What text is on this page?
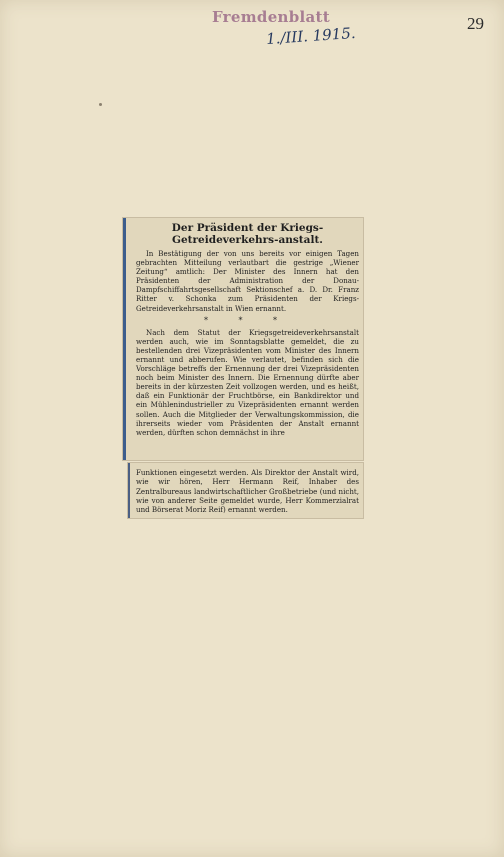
Fremdenblatt	29
1./III. 1915.
Der Präsident der Kriegs-Getreideverkehrs-anstalt.

In Bestätigung der von uns bereits vor einigen Tagen gebrachten Mitteilung verlautbart die gestrige „Wiener Zeitung“ amtlich: Der Minister des Innern hat den Präsidenten der Administration der Donau-Dampfschiffahrtsgesellschaft Sektionschef a. D. Dr. Franz Ritter v. Schonka zum Präsidenten der Kriegs-Getreideverkehrsanstalt in Wien ernannt.

* * *

Nach dem Statut der Kriegsgetreideverkehrsanstalt werden auch, wie im Sonntagsblatte gemeldet, die zu bestellenden drei Vizepräsidenten vom Minister des Innern ernannt und abberufen. Wie verlautet, befinden sich die Vorschläge betreffs der Ernennung der drei Vizepräsidenten noch beim Minister des Innern. Die Ernennung dürfte aber bereits in der kürzesten Zeit vollzogen werden, und es heißt, daß ein Funktionär der Fruchtbörse, ein Bankdirektor und ein Mühlenindustrieller zu Vizepräsidenten ernannt werden sollen. Auch die Mitglieder der Verwaltungskommission, die ihrerseits wieder vom Präsidenten der Anstalt ernannt werden, dürften schon demnächst in ihre

Funktionen eingesetzt werden. Als Direktor der Anstalt wird, wie wir hören, Herr Hermann Reif, Inhaber des Zentralbureaus landwirtschaftlicher Großbetriebe (und nicht, wie von anderer Seite gemeldet wurde, Herr Kommerzialrat und Börserat Moriz Reif) ernannt werden.
